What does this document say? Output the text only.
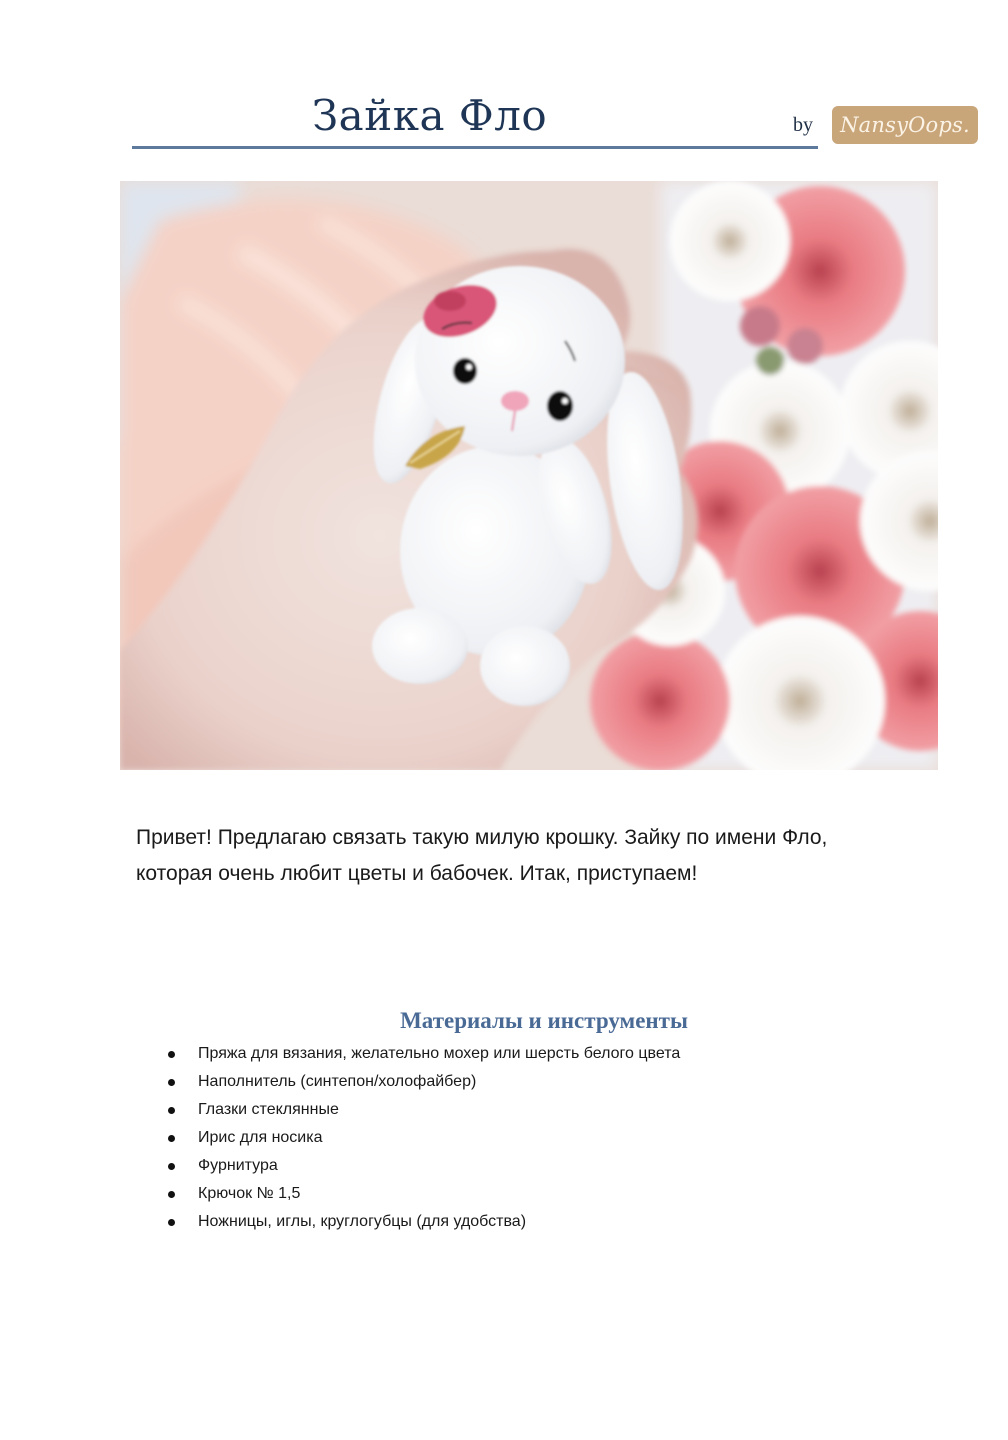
Зайка Фло	by NansyOops.

Привет! Предлагаю связать такую милую крошку. Зайку по имени Фло,

которая очень любит цветы и бабочек. Итак, приступаем!

Материалы и инструменты
Пряжа для вязания, желательно мохер или шерсть белого цвета
Наполнитель (синтепон/холофайбер)
Глазки стеклянные
Ирис для носика
Фурнитура
Крючок № 1,5
Ножницы, иглы, круглогубцы (для удобства)
